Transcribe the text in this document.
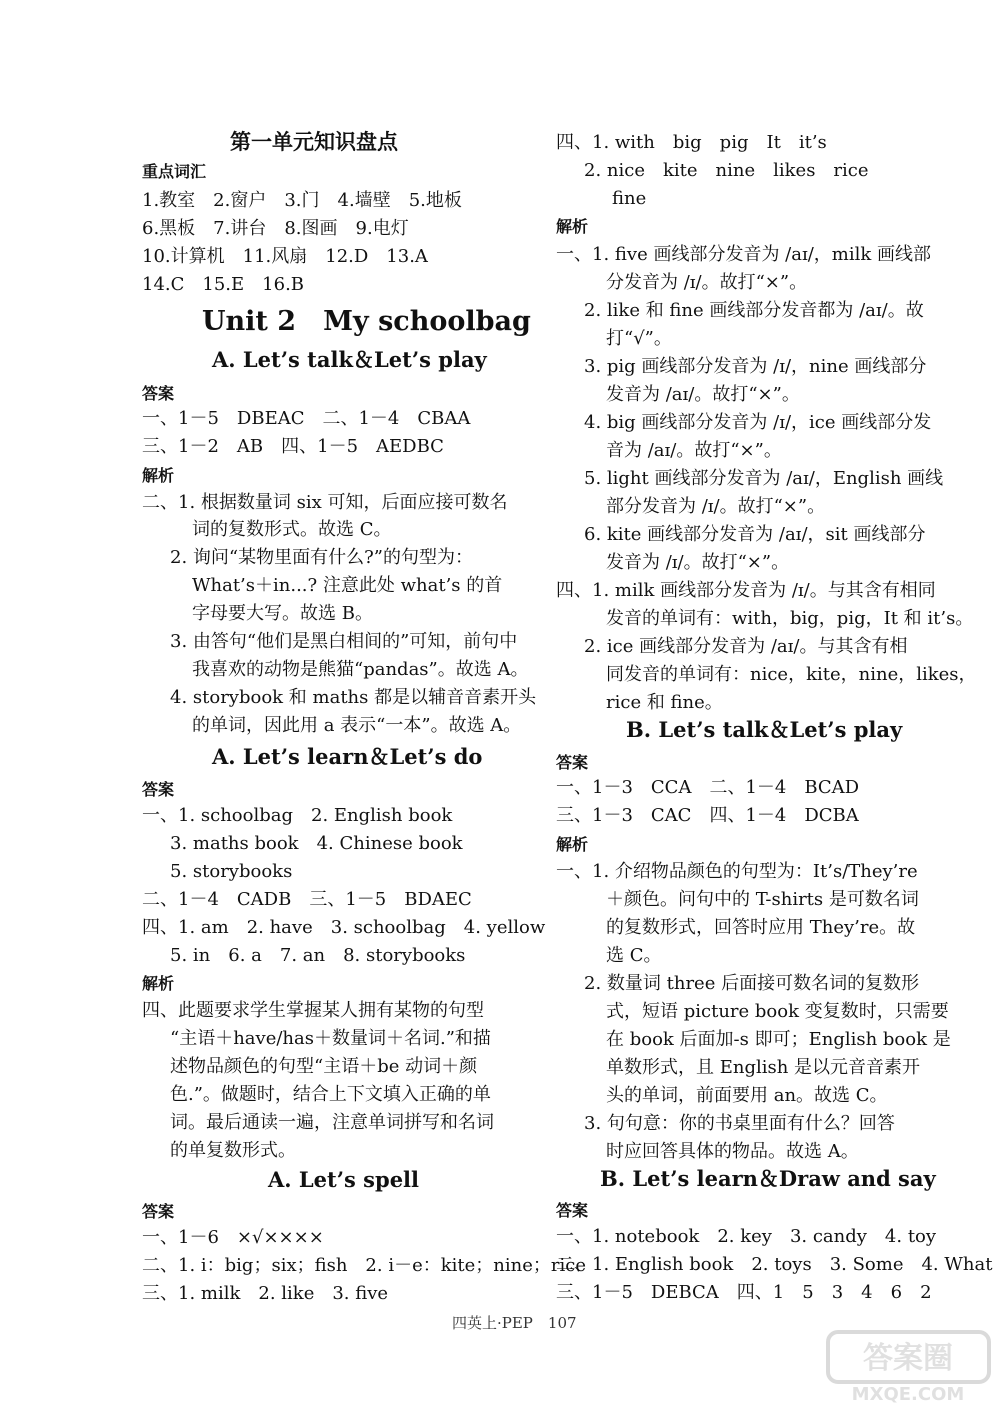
第一单元知识盘点
重点词汇
1.教室　2.窗户　3.门　4.墙壁　5.地板
6.黑板　7.讲台　8.图画　9.电灯
10.计算机　11.风扇　12.D　13.A
14.C　15.E　16.B
Unit 2　My schoolbag
A. Let’s talk＆Let’s play
答案
一、1－5　DBEAC　二、1－4　CBAA
三、1－2　AB　四、1－5　AEDBC
解析
二、1. 根据数量词 six 可知，后面应接可数名
词的复数形式。故选 C。
2. 询问“某物里面有什么?”的句型为：
What’s＋in...? 注意此处 what’s 的首
字母要大写。故选 B。
3. 由答句“他们是黑白相间的”可知，前句中
我喜欢的动物是熊猫“pandas”。故选 A。
4. storybook 和 maths 都是以辅音音素开头
的单词，因此用 a 表示“一本”。故选 A。
A. Let’s learn＆Let’s do
答案
一、1. schoolbag　2. English book
3. maths book　4. Chinese book
5. storybooks
二、1－4　CADB　三、1－5　BDAEC
四、1. am　2. have　3. schoolbag　4. yellow
5. in　6. a　7. an　8. storybooks
解析
四、此题要求学生掌握某人拥有某物的句型
“主语＋have/has＋数量词＋名词.”和描
述物品颜色的句型“主语＋be 动词＋颜
色.”。做题时，结合上下文填入正确的单
词。最后通读一遍，注意单词拼写和名词
的单复数形式。
A. Let’s spell
答案
一、1－6　×√××××
二、1. i：big；six；fish　2. i－e：kite；nine；rice
三、1. milk　2. like　3. five
四、1. with　big　pig　It　it’s
2. nice　kite　nine　likes　rice
fine
解析
一、1. five 画线部分发音为 /aɪ/，milk 画线部
分发音为 /ɪ/。故打“×”。
2. like 和 fine 画线部分发音都为 /aɪ/。故
打“√”。
3. pig 画线部分发音为 /ɪ/，nine 画线部分
发音为 /aɪ/。故打“×”。
4. big 画线部分发音为 /ɪ/，ice 画线部分发
音为 /aɪ/。故打“×”。
5. light 画线部分发音为 /aɪ/，English 画线
部分发音为 /ɪ/。故打“×”。
6. kite 画线部分发音为 /aɪ/，sit 画线部分
发音为 /ɪ/。故打“×”。
四、1. milk 画线部分发音为 /ɪ/。与其含有相同
发音的单词有：with，big，pig，It 和 it’s。
2. ice 画线部分发音为 /aɪ/。与其含有相
同发音的单词有：nice，kite，nine，likes，
rice 和 fine。
B. Let’s talk＆Let’s play
答案
一、1－3　CCA　二、1－4　BCAD
三、1－3　CAC　四、1－4　DCBA
解析
一、1. 介绍物品颜色的句型为：It’s/They’re
＋颜色。问句中的 T-shirts 是可数名词
的复数形式，回答时应用 They’re。故
选 C。
2. 数量词 three 后面接可数名词的复数形
式，短语 picture book 变复数时，只需要
在 book 后面加-s 即可；English book 是
单数形式，且 English 是以元音音素开
头的单词，前面要用 an。故选 C。
3. 句句意：你的书桌里面有什么？回答
时应回答具体的物品。故选 A。
B. Let’s learn＆Draw and say
答案
一、1. notebook　2. key　3. candy　4. toy
二、1. English book　2. toys　3. Some　4. What
三、1－5　DEBCA　四、1　5　3　4　6　2
四英上·PEP　107
答案圈
MXQE.COM
